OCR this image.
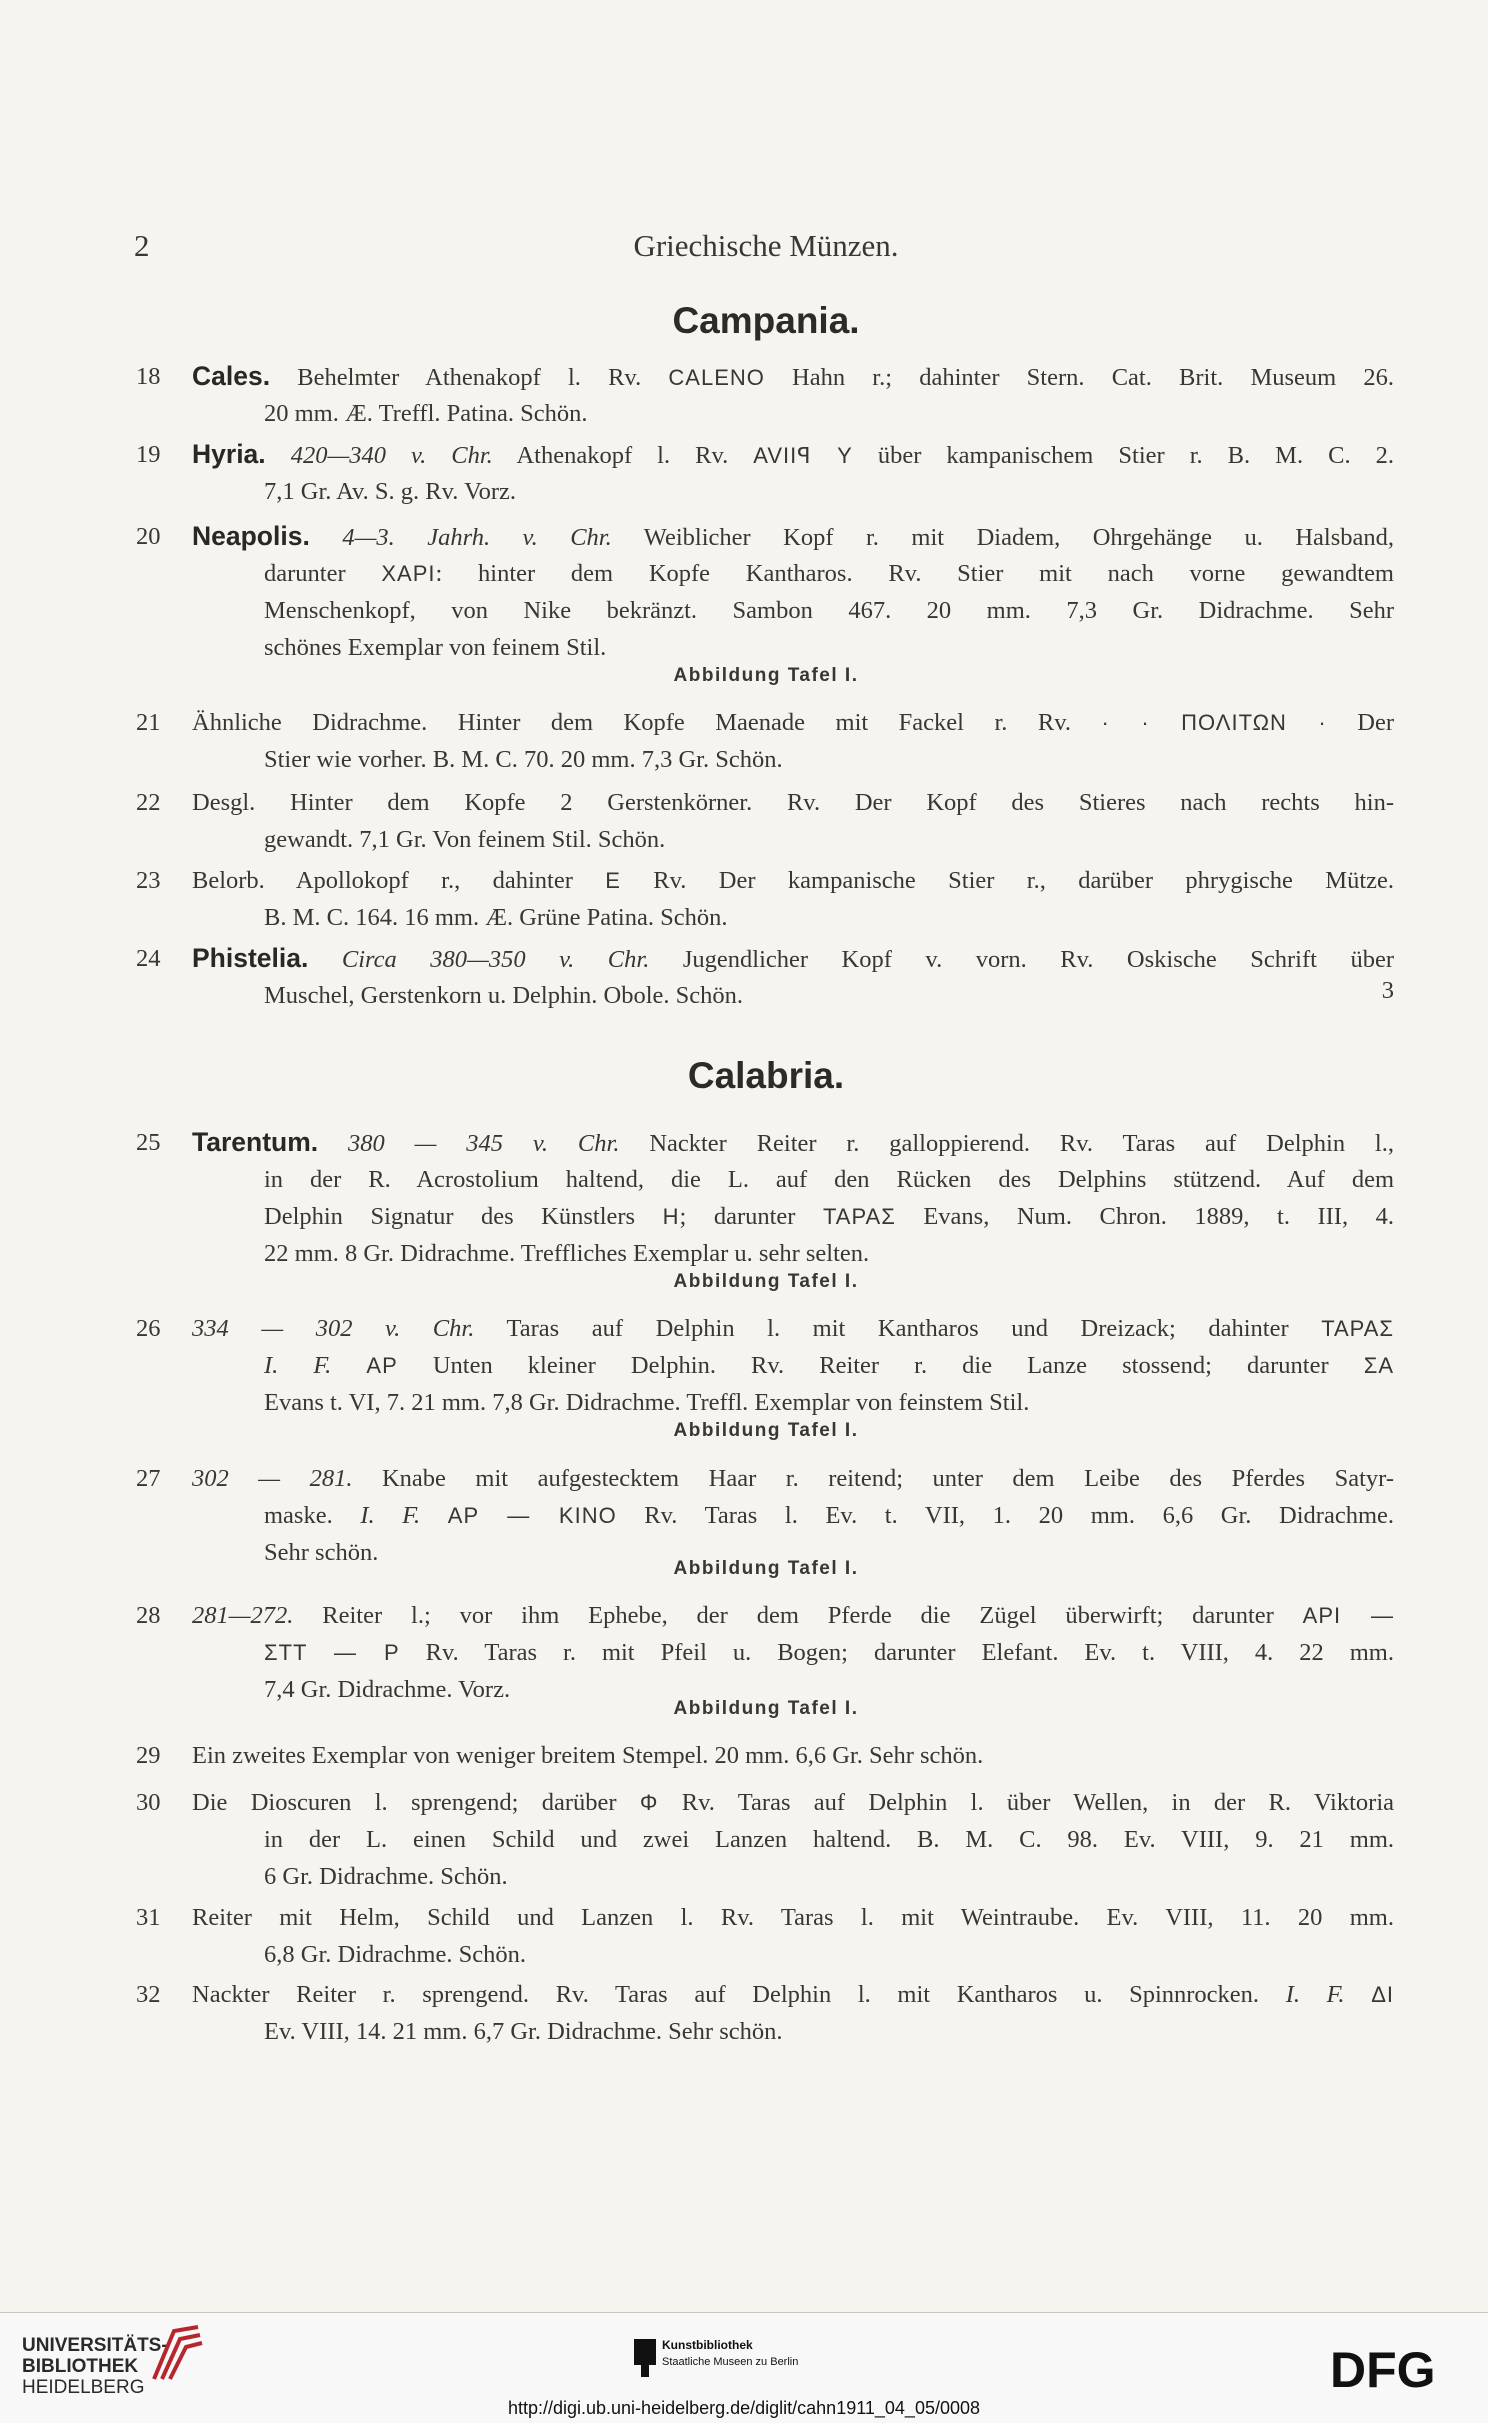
2	Griechische Münzen.
Campania.
18	Cales. Behelmter Athenakopf l. Rv. CALENO Hahn r.; dahinter Stern. Cat. Brit. Museum 26.
20 mm. Æ. Treffl. Patina. Schön.
19	Hyria. 420—340 v. Chr. Athenakopf l. Rv. AVIIꟼ Y über kampanischem Stier r. B. M. C. 2.
7,1 Gr. Av. S. g. Rv. Vorz.
20	Neapolis. 4—3. Jahrh. v. Chr. Weiblicher Kopf r. mit Diadem, Ohrgehänge u. Halsband,
darunter XAPI: hinter dem Kopfe Kantharos. Rv. Stier mit nach vorne gewandtem
Menschenkopf, von Nike bekränzt. Sambon 467. 20 mm. 7,3 Gr. Didrachme. Sehr
schönes Exemplar von feinem Stil.
Abbildung Tafel I.
21	Ähnliche Didrachme. Hinter dem Kopfe Maenade mit Fackel r. Rv. · · ΠΟΛΙΤΩΝ · Der
Stier wie vorher. B. M. C. 70. 20 mm. 7,3 Gr. Schön.
22	Desgl. Hinter dem Kopfe 2 Gerstenkörner. Rv. Der Kopf des Stieres nach rechts hin-
gewandt. 7,1 Gr. Von feinem Stil. Schön.
23	Belorb. Apollokopf r., dahinter E Rv. Der kampanische Stier r., darüber phrygische Mütze.
B. M. C. 164. 16 mm. Æ. Grüne Patina. Schön.
24	Phistelia. Circa 380—350 v. Chr. Jugendlicher Kopf v. vorn. Rv. Oskische Schrift über
Muschel, Gerstenkorn u. Delphin. Obole. Schön.	3
Calabria.
25	Tarentum. 380 — 345 v. Chr. Nackter Reiter r. galloppierend. Rv. Taras auf Delphin l.,
in der R. Acrostolium haltend, die L. auf den Rücken des Delphins stützend. Auf dem
Delphin Signatur des Künstlers H; darunter TAPAΣ Evans, Num. Chron. 1889, t. III, 4.
22 mm. 8 Gr. Didrachme. Treffliches Exemplar u. sehr selten.
Abbildung Tafel I.
26	334 — 302 v. Chr. Taras auf Delphin l. mit Kantharos und Dreizack; dahinter TAPAΣ
I. F. AP Unten kleiner Delphin. Rv. Reiter r. die Lanze stossend; darunter ΣA
Evans t. VI, 7. 21 mm. 7,8 Gr. Didrachme. Treffl. Exemplar von feinstem Stil.
Abbildung Tafel I.
27	302 — 281. Knabe mit aufgestecktem Haar r. reitend; unter dem Leibe des Pferdes Satyr-
maske. I. F. AP — KINO Rv. Taras l. Ev. t. VII, 1. 20 mm. 6,6 Gr. Didrachme.
Sehr schön.
Abbildung Tafel I.
28	281—272. Reiter l.; vor ihm Ephebe, der dem Pferde die Zügel überwirft; darunter API —
ΣTT — P Rv. Taras r. mit Pfeil u. Bogen; darunter Elefant. Ev. t. VIII, 4. 22 mm.
7,4 Gr. Didrachme. Vorz.
Abbildung Tafel I.
29	Ein zweites Exemplar von weniger breitem Stempel. 20 mm. 6,6 Gr. Sehr schön.
30	Die Dioscuren l. sprengend; darüber Φ Rv. Taras auf Delphin l. über Wellen, in der R. Viktoria
in der L. einen Schild und zwei Lanzen haltend. B. M. C. 98. Ev. VIII, 9. 21 mm.
6 Gr. Didrachme. Schön.
31	Reiter mit Helm, Schild und Lanzen l. Rv. Taras l. mit Weintraube. Ev. VIII, 11. 20 mm.
6,8 Gr. Didrachme. Schön.
32	Nackter Reiter r. sprengend. Rv. Taras auf Delphin l. mit Kantharos u. Spinnrocken. I. F. ΔI
Ev. VIII, 14. 21 mm. 6,7 Gr. Didrachme. Sehr schön.
UNIVERSITÄTS-
BIBLIOTHEK
HEIDELBERG
Kunstbibliothek
Staatliche Museen zu Berlin	DFG
http://digi.ub.uni-heidelberg.de/diglit/cahn1911_04_05/0008
